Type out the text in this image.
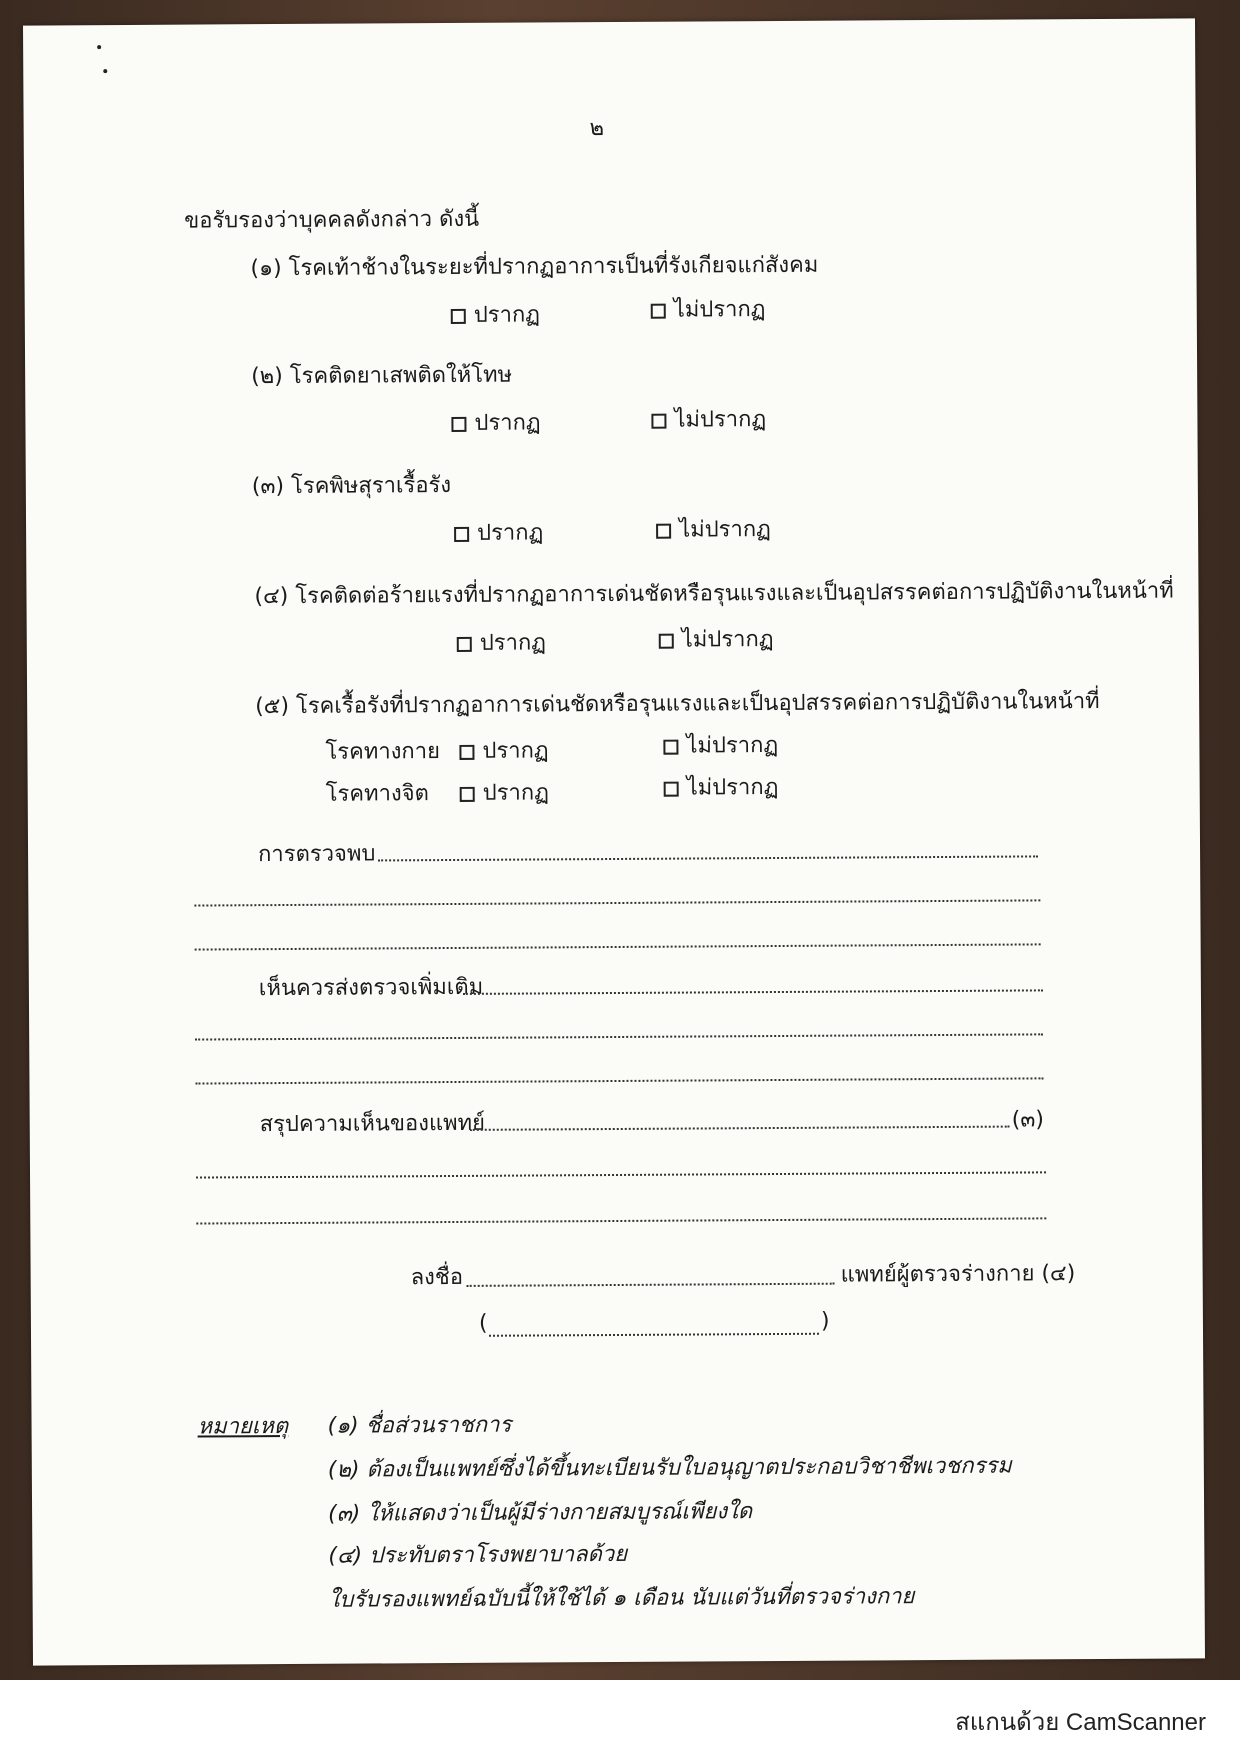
๒
ขอรับรองว่าบุคคลดังกล่าว ดังนี้
(๑) โรคเท้าช้างในระยะที่ปรากฏอาการเป็นที่รังเกียจแก่สังคม
ปรากฏ	ไม่ปรากฏ
(๒) โรคติดยาเสพติดให้โทษ
ปรากฏ	ไม่ปรากฏ
(๓) โรคพิษสุราเรื้อรัง
ปรากฏ	ไม่ปรากฏ
(๔) โรคติดต่อร้ายแรงที่ปรากฏอาการเด่นชัดหรือรุนแรงและเป็นอุปสรรคต่อการปฏิบัติงานในหน้าที่
ปรากฏ	ไม่ปรากฏ
(๕) โรคเรื้อรังที่ปรากฏอาการเด่นชัดหรือรุนแรงและเป็นอุปสรรคต่อการปฏิบัติงานในหน้าที่
โรคทางกาย	ปรากฏ	ไม่ปรากฏ
โรคทางจิต	ปรากฏ	ไม่ปรากฏ
การตรวจพบ
เห็นควรส่งตรวจเพิ่มเติม
สรุปความเห็นของแพทย์	(๓)
ลงชื่อ	แพทย์ผู้ตรวจร่างกาย (๔)
(	)
หมายเหตุ (๑) ชื่อส่วนราชการ
(๒) ต้องเป็นแพทย์ซึ่งได้ขึ้นทะเบียนรับใบอนุญาตประกอบวิชาชีพเวชกรรม
(๓) ให้แสดงว่าเป็นผู้มีร่างกายสมบูรณ์เพียงใด
(๔) ประทับตราโรงพยาบาลด้วย
ใบรับรองแพทย์ฉบับนี้ให้ใช้ได้ ๑ เดือน นับแต่วันที่ตรวจร่างกาย
สแกนด้วย CamScanner
